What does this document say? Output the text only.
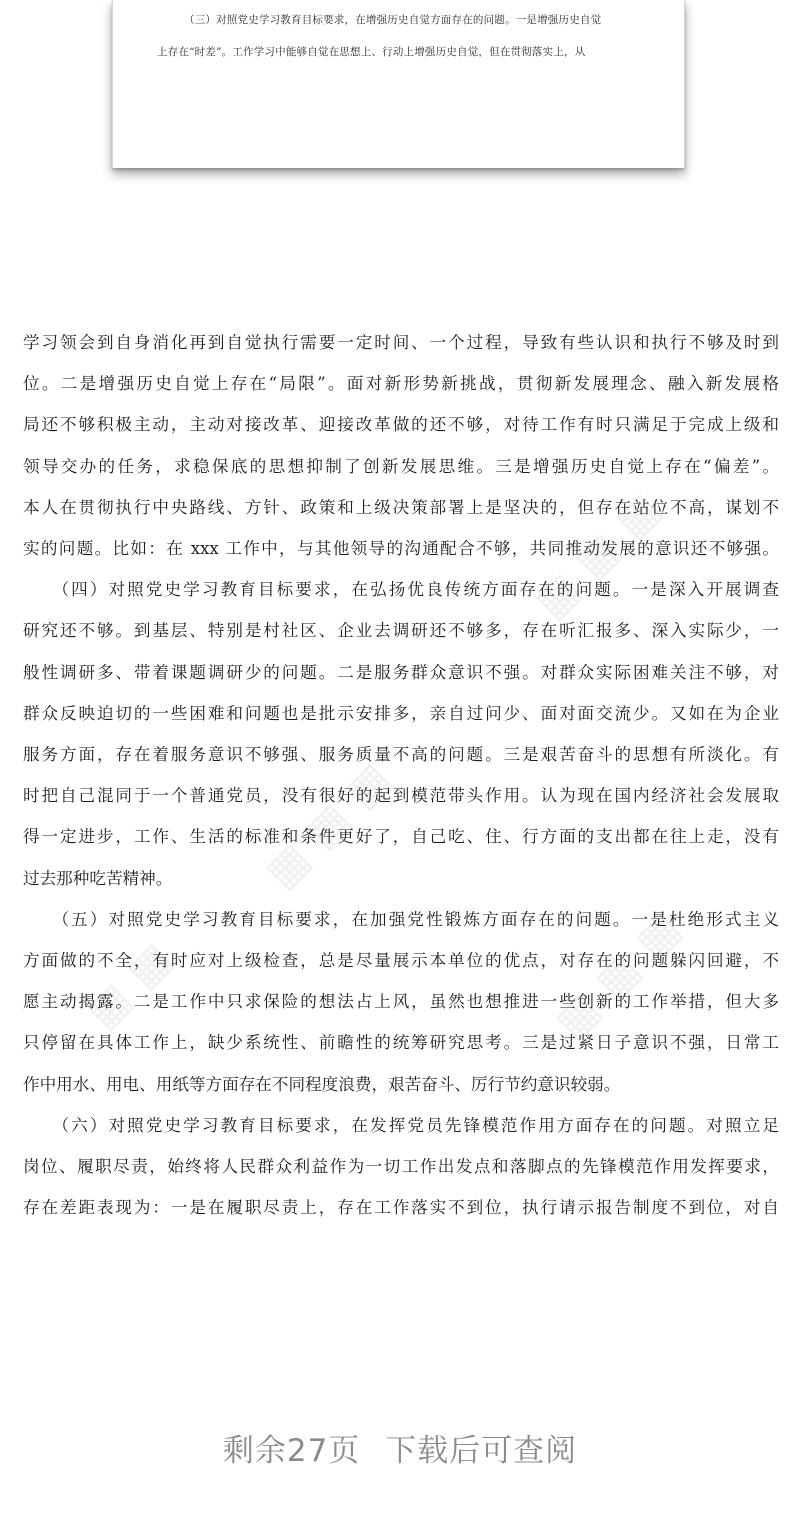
（三）对照党史学习教育目标要求，在增强历史自觉方面存在的问题。一是增强历史自觉

上存在“时差”。工作学习中能够自觉在思想上、行动上增强历史自觉，但在贯彻落实上，从

▦ ▦ ▦
▦ ▦ ▦
▦ ▦ ▦
▦ ▦

学习领会到自身消化再到自觉执行需要一定时间、一个过程，导致有些认识和执行不够及时到

位。二是增强历史自觉上存在“局限”。面对新形势新挑战，贯彻新发展理念、融入新发展格

局还不够积极主动，主动对接改革、迎接改革做的还不够，对待工作有时只满足于完成上级和

领导交办的任务，求稳保底的思想抑制了创新发展思维。三是增强历史自觉上存在“偏差”。

本人在贯彻执行中央路线、方针、政策和上级决策部署上是坚决的，但存在站位不高，谋划不

实的问题。比如：在 xxx 工作中，与其他领导的沟通配合不够，共同推动发展的意识还不够强。

（四）对照党史学习教育目标要求，在弘扬优良传统方面存在的问题。一是深入开展调查

研究还不够。到基层、特别是村社区、企业去调研还不够多，存在听汇报多、深入实际少，一

般性调研多、带着课题调研少的问题。二是服务群众意识不强。对群众实际困难关注不够，对

群众反映迫切的一些困难和问题也是批示安排多，亲自过问少、面对面交流少。又如在为企业

服务方面，存在着服务意识不够强、服务质量不高的问题。三是艰苦奋斗的思想有所淡化。有

时把自己混同于一个普通党员，没有很好的起到模范带头作用。认为现在国内经济社会发展取

得一定进步，工作、生活的标准和条件更好了，自己吃、住、行方面的支出都在往上走，没有

过去那种吃苦精神。

（五）对照党史学习教育目标要求，在加强党性锻炼方面存在的问题。一是杜绝形式主义

方面做的不全，有时应对上级检查，总是尽量展示本单位的优点，对存在的问题躲闪回避，不

愿主动揭露。二是工作中只求保险的想法占上风，虽然也想推进一些创新的工作举措，但大多

只停留在具体工作上，缺少系统性、前瞻性的统筹研究思考。三是过紧日子意识不强，日常工

作中用水、用电、用纸等方面存在不同程度浪费，艰苦奋斗、厉行节约意识较弱。

（六）对照党史学习教育目标要求，在发挥党员先锋模范作用方面存在的问题。对照立足

岗位、履职尽责，始终将人民群众利益作为一切工作出发点和落脚点的先锋模范作用发挥要求，

存在差距表现为：一是在履职尽责上，存在工作落实不到位，执行请示报告制度不到位，对自

剩余27页 下载后可查阅
